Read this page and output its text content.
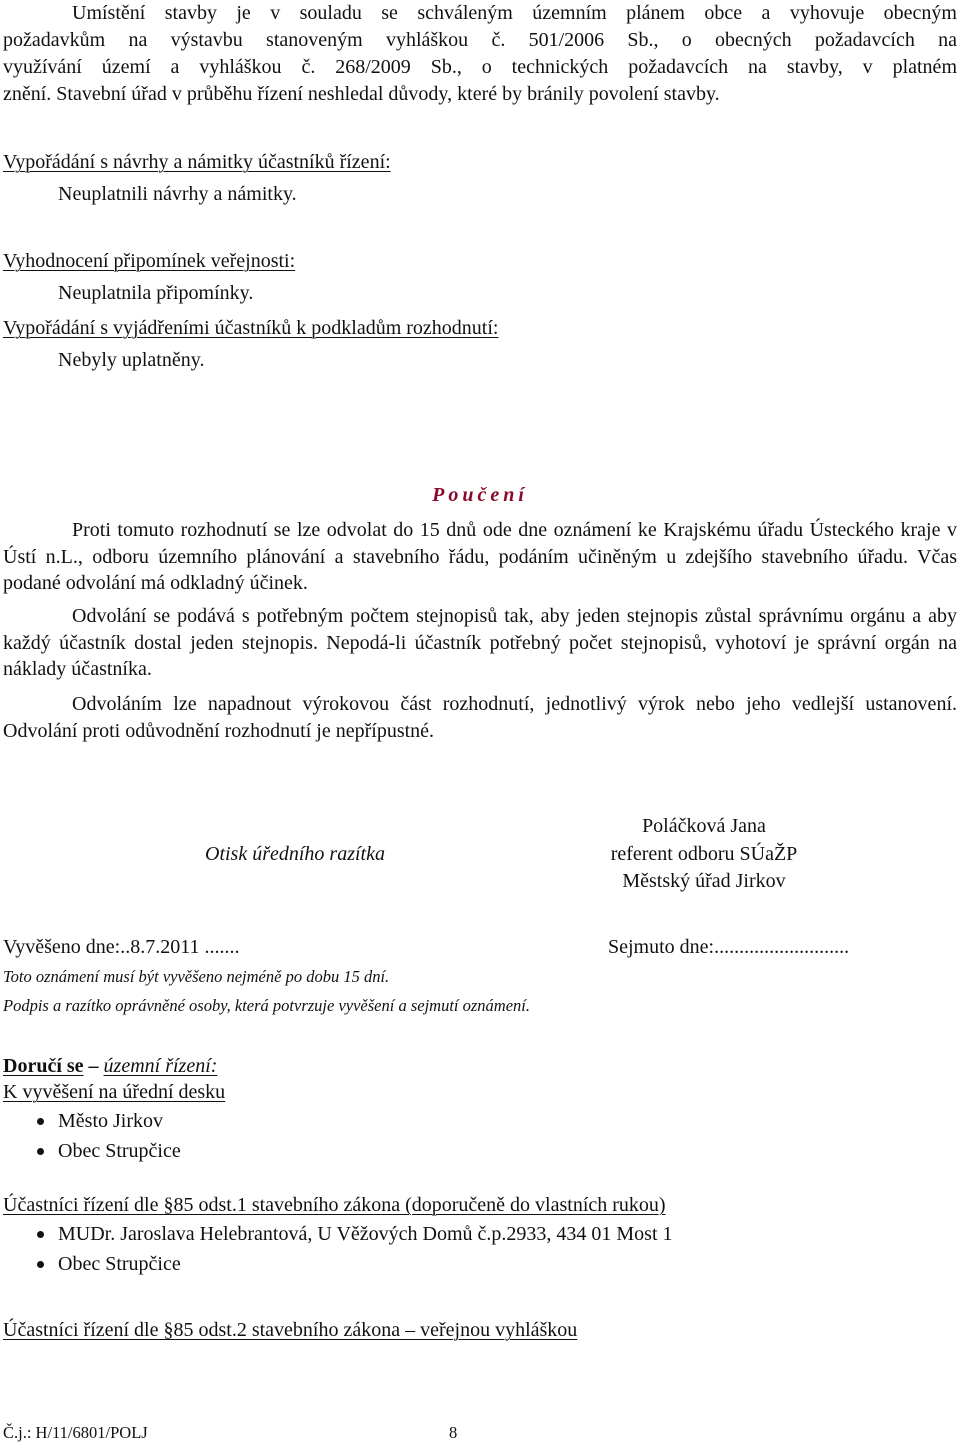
Umístění stavby je v souladu se schváleným územním plánem obce a vyhovuje obecným

požadavkům na výstavbu stanoveným vyhláškou č. 501/2006 Sb., o obecných požadavcích na

využívání území a vyhláškou č. 268/2009 Sb., o technických požadavcích na stavby, v platném

znění. Stavební úřad v průběhu řízení neshledal důvody, které by bránily povolení stavby.

Vypořádání s návrhy a námitky účastníků řízení:

Neuplatnili návrhy a námitky.

Vyhodnocení připomínek veřejnosti:

Neuplatnila připomínky.

Vypořádání s vyjádřeními účastníků k podkladům rozhodnutí:

Nebyly uplatněny.

Poučení

Proti tomuto rozhodnutí se lze odvolat do 15 dnů ode dne oznámení ke Krajskému úřadu Ústeckého kraje v Ústí n.L., odboru územního plánování a stavebního řádu, podáním učiněným u zdejšího stavebního úřadu. Včas podané odvolání má odkladný účinek.

Odvolání se podává s potřebným počtem stejnopisů tak, aby jeden stejnopis zůstal správnímu orgánu a aby každý účastník dostal jeden stejnopis. Nepodá-li účastník potřebný počet stejnopisů, vyhotoví je správní orgán na náklady účastníka.

Odvoláním lze napadnout výrokovou část rozhodnutí, jednotlivý výrok nebo jeho vedlejší ustanovení. Odvolání proti odůvodnění rozhodnutí je nepřípustné.

Otisk úředního razítka

Poláčková Jana

referent odboru SÚaŽP

Městský úřad Jirkov

Vyvěšeno dne:..8.7.2011 .......	Sejmuto dne:...........................

Toto oznámení musí být vyvěšeno nejméně po dobu 15 dní.

Podpis a razítko oprávněné osoby, která potvrzuje vyvěšení a sejmutí oznámení.

Doručí se – územní řízení:

K vyvěšení na úřední desku

Město Jirkov

Obec Strupčice

Účastníci řízení dle §85 odst.1 stavebního zákona (doporučeně do vlastních rukou)

MUDr. Jaroslava Helebrantová, U Věžových Domů č.p.2933, 434 01 Most 1

Obec Strupčice

Účastníci řízení dle §85 odst.2 stavebního zákona – veřejnou vyhláškou

Č.j.: H/11/6801/POLJ	8
